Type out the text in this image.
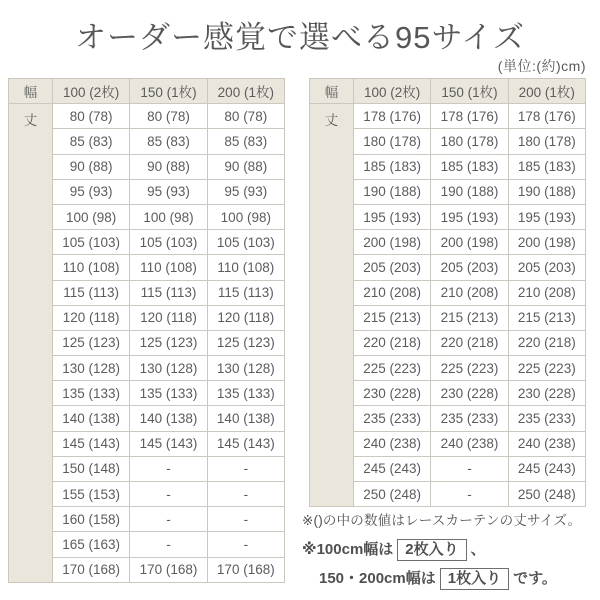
オーダー感覚で選べる95サイズ
(単位:(約)cm)
幅	100 (2枚)	150 (1枚)	200 (1枚)
丈	80 (78)	80 (78)	80 (78)
	85 (83)	85 (83)	85 (83)
	90 (88)	90 (88)	90 (88)
	95 (93)	95 (93)	95 (93)
	100 (98)	100 (98)	100 (98)
	105 (103)	105 (103)	105 (103)
	110 (108)	110 (108)	110 (108)
	115 (113)	115 (113)	115 (113)
	120 (118)	120 (118)	120 (118)
	125 (123)	125 (123)	125 (123)
	130 (128)	130 (128)	130 (128)
	135 (133)	135 (133)	135 (133)
	140 (138)	140 (138)	140 (138)
	145 (143)	145 (143)	145 (143)
	150 (148)	-	-
	155 (153)	-	-
	160 (158)	-	-
	165 (163)	-	-
	170 (168)	170 (168)	170 (168)
幅	100 (2枚)	150 (1枚)	200 (1枚)
丈	178 (176)	178 (176)	178 (176)
	180 (178)	180 (178)	180 (178)
	185 (183)	185 (183)	185 (183)
	190 (188)	190 (188)	190 (188)
	195 (193)	195 (193)	195 (193)
	200 (198)	200 (198)	200 (198)
	205 (203)	205 (203)	205 (203)
	210 (208)	210 (208)	210 (208)
	215 (213)	215 (213)	215 (213)
	220 (218)	220 (218)	220 (218)
	225 (223)	225 (223)	225 (223)
	230 (228)	230 (228)	230 (228)
	235 (233)	235 (233)	235 (233)
	240 (238)	240 (238)	240 (238)
	245 (243)	-	245 (243)
	250 (248)	-	250 (248)
※()の中の数値はレースカーテンの丈サイズ。
※100cm幅は 2枚入り 、
150・200cm幅は 1枚入り です。
